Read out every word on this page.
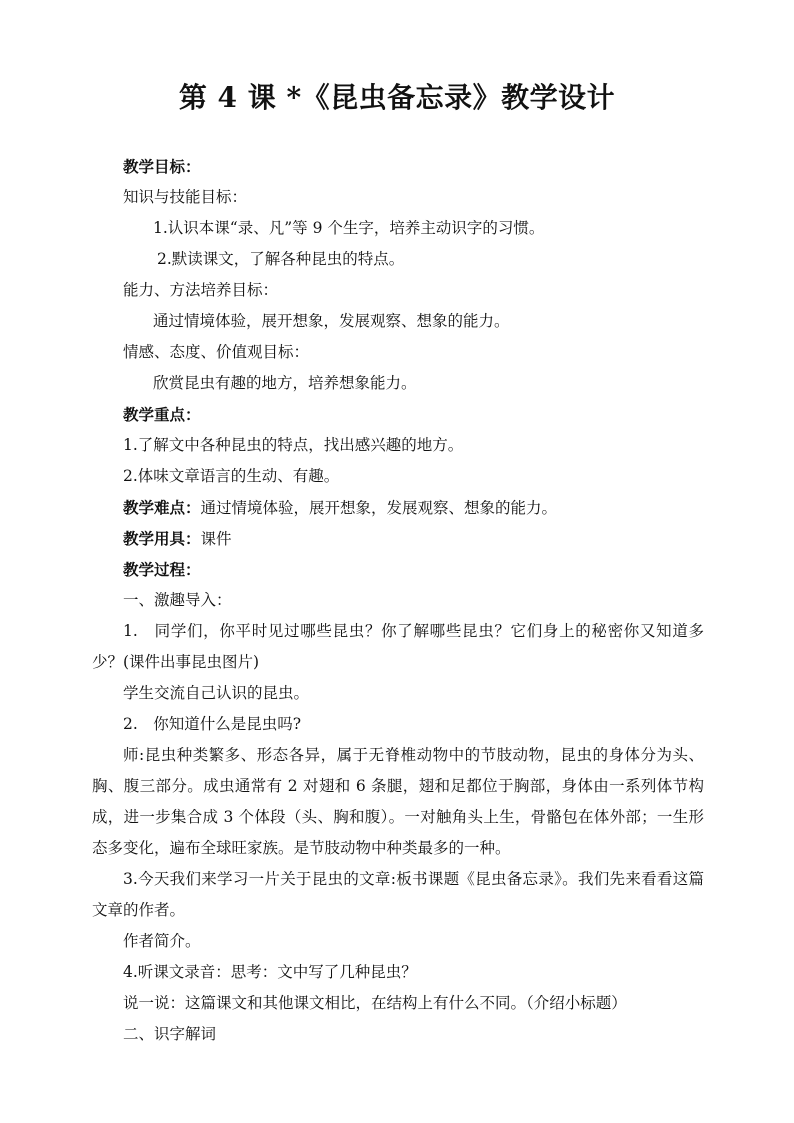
第 4 课 *《昆虫备忘录》教学设计
教学目标：
知识与技能目标：
1.认识本课“录、凡”等 9 个生字，培养主动识字的习惯。
2.默读课文，了解各种昆虫的特点。
能力、方法培养目标：
通过情境体验，展开想象，发展观察、想象的能力。
情感、态度、价值观目标：
欣赏昆虫有趣的地方，培养想象能力。
教学重点：
1.了解文中各种昆虫的特点，找出感兴趣的地方。
2.体味文章语言的生动、有趣。
教学难点：通过情境体验，展开想象，发展观察、想象的能力。
教学用具：课件
教学过程：
一、激趣导入：
1.　同学们，你平时见过哪些昆虫？你了解哪些昆虫？它们身上的秘密你又知道多少？(课件出事昆虫图片)
学生交流自己认识的昆虫。
2.　你知道什么是昆虫吗?
师:昆虫种类繁多、形态各异，属于无脊椎动物中的节肢动物，昆虫的身体分为头、胸、腹三部分。成虫通常有 2 对翅和 6 条腿，翅和足都位于胸部，身体由一系列体节构成，进一步集合成 3 个体段（头、胸和腹）。一对触角头上生，骨骼包在体外部；一生形态多变化，遍布全球旺家族。是节肢动物中种类最多的一种。
3.今天我们来学习一片关于昆虫的文章:板书课题《昆虫备忘录》。我们先来看看这篇文章的作者。
作者简介。
4.听课文录音：思考：文中写了几种昆虫？
说一说：这篇课文和其他课文相比，在结构上有什么不同。（介绍小标题）
二、识字解词
